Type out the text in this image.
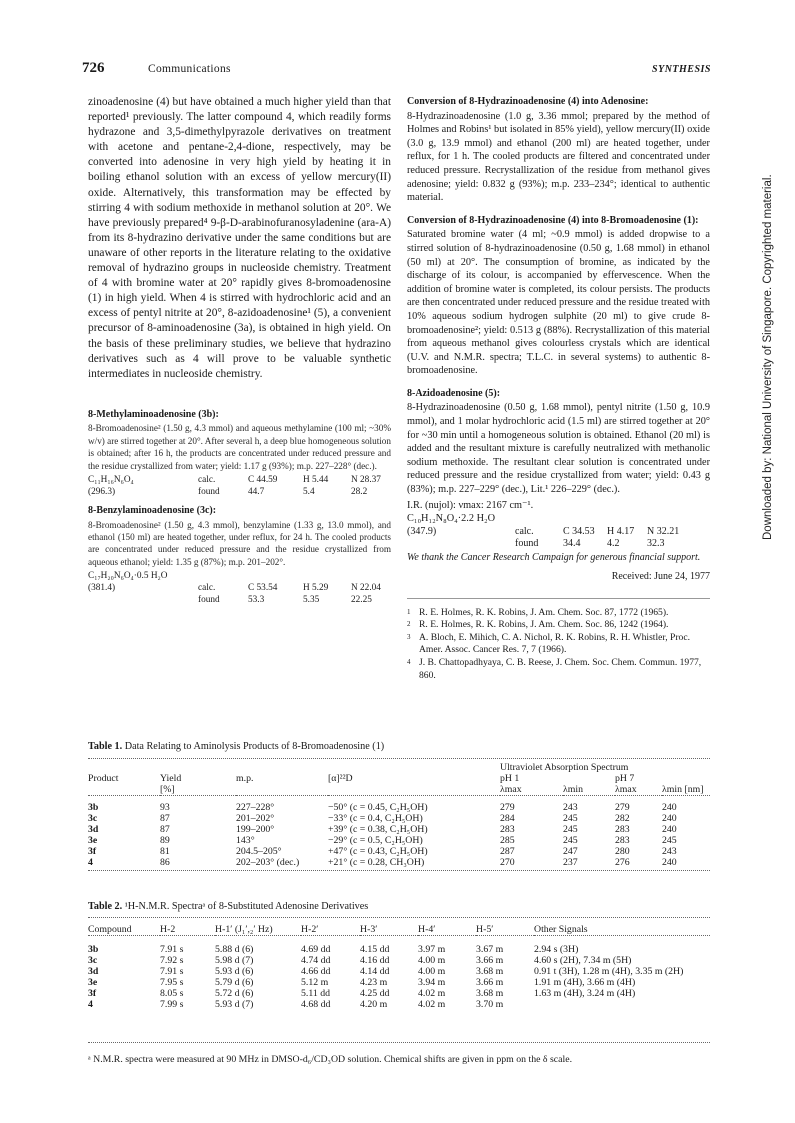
726	Communications	SYNTHESIS

zinoadenosine (4) but have obtained a much higher yield than that reported¹ previously. The latter compound 4, which readily forms hydrazone and 3,5-dimethylpyrazole derivatives on treatment with acetone and pentane-2,4-dione, respectively, may be converted into adenosine in very high yield by heating it in boiling ethanol solution with an excess of yellow mercury(II) oxide. Alternatively, this transformation may be effected by stirring 4 with sodium methoxide in methanol solution at 20°. We have previously prepared⁴ 9-β-D-arabinofuranosyladenine (ara-A) from its 8-hydrazino derivative under the same conditions but are unaware of other reports in the literature relating to the oxidative removal of hydrazino groups in nucleoside chemistry. Treatment of 4 with bromine water at 20° rapidly gives 8-bromoadenosine (1) in high yield. When 4 is stirred with hydrochloric acid and an excess of pentyl nitrite at 20°, 8-azidoadenosine¹ (5), a convenient precursor of 8-aminoadenosine (3a), is obtained in high yield. On the basis of these preliminary studies, we believe that hydrazino derivatives such as 4 will prove to be valuable synthetic intermediates in nucleoside chemistry.

8-Methylaminoadenosine (3b):

8-Bromoadenosine² (1.50 g, 4.3 mmol) and aqueous methylamine (100 ml; ~30% w/v) are stirred together at 20°. After several h, a deep blue homogeneous solution is obtained; after 16 h, the products are concentrated under reduced pressure and the residue crystallized from water; yield: 1.17 g (93%); m.p. 227–228° (dec.).

C₁₁H₁₆N₆O₄	calc.	C 44.59	H 5.44	N 28.37
(296.3)	found	44.7	5.4	28.2
8-Benzylaminoadenosine (3c):

8-Bromoadenosine² (1.50 g, 4.3 mmol), benzylamine (1.33 g, 13.0 mmol), and ethanol (150 ml) are heated together, under reflux, for 24 h. The cooled products are concentrated under reduced pressure and the residue crystallized from aqueous ethanol; yield: 1.35 g (87%); m.p. 201–202°.

C₁₇H₂₀N₆O₄·0.5 H₂O
(381.4)	calc.	C 53.54	H 5.29	N 22.04
found	53.3	5.35	22.25
Conversion of 8-Hydrazinoadenosine (4) into Adenosine:

8-Hydrazinoadenosine (1.0 g, 3.36 mmol; prepared by the method of Holmes and Robins¹ but isolated in 85% yield), yellow mercury(II) oxide (3.0 g, 13.9 mmol) and ethanol (200 ml) are heated together, under reflux, for 1 h. The cooled products are filtered and concentrated under reduced pressure. Recrystallization of the residue from methanol gives adenosine; yield: 0.832 g (93%); m.p. 233–234°; identical to authentic material.

Conversion of 8-Hydrazinoadenosine (4) into 8-Bromoadenosine (1):

Saturated bromine water (4 ml; ~0.9 mmol) is added dropwise to a stirred solution of 8-hydrazinoadenosine (0.50 g, 1.68 mmol) in ethanol (50 ml) at 20°. The consumption of bromine, as indicated by the discharge of its colour, is accompanied by effervescence. When the addition of bromine water is completed, its colour persists. The products are then concentrated under reduced pressure and the residue treated with 10% aqueous sodium hydrogen sulphite (20 ml) to give crude 8-bromoadenosine²; yield: 0.513 g (88%). Recrystallization of this material from aqueous methanol gives colourless crystals which are identical (U.V. and N.M.R. spectra; T.L.C. in several systems) to authentic 8-bromoadenosine.

8-Azidoadenosine (5):

8-Hydrazinoadenosine (0.50 g, 1.68 mmol), pentyl nitrite (1.50 g, 10.9 mmol), and 1 molar hydrochloric acid (1.5 ml) are stirred together at 20° for ~30 min until a homogeneous solution is obtained. Ethanol (20 ml) is added and the resultant mixture is carefully neutralized with methanolic sodium methoxide. The resultant clear solution is concentrated under reduced pressure and the residue crystallized from water; yield: 0.43 g (83%); m.p. 227–229° (dec.), Lit.¹ 226–229° (dec.).

I.R. (nujol): νmax: 2167 cm⁻¹.

C₁₀H₁₂N₈O₄·2.2 H₂O
(347.9)	calc.	C 34.53	H 4.17	N 32.21
found	34.4	4.2	32.3

We thank the Cancer Research Campaign for generous financial support.

Received: June 24, 1977
1 R. E. Holmes, R. K. Robins, J. Am. Chem. Soc. 87, 1772 (1965).
2 R. E. Holmes, R. K. Robins, J. Am. Chem. Soc. 86, 1242 (1964).
3 A. Bloch, E. Mihich, C. A. Nichol, R. K. Robins, R. H. Whistler, Proc. Amer. Assoc. Cancer Res. 7, 7 (1966).
4 J. B. Chattopadhyaya, C. B. Reese, J. Chem. Soc. Chem. Commun. 1977, 860.
Table 1. Data Relating to Aminolysis Products of 8-Bromoadenosine (1)
				Ultraviolet Absorption Spectrum			
Product	Yield	m.p.	[α]²²D	pH 1		pH 7	
	[%]			λmax	λmin	λmax	λmin [nm]

3b	93	227–228°	−50° (c = 0.45, C₂H₅OH)	279	243	279	240
3c	87	201–202°	−33° (c = 0.4, C₂H₅OH)	284	245	282	240
3d	87	199–200°	+39° (c = 0.38, C₂H₅OH)	283	245	283	240
3e	89	143°	−29° (c = 0.5, C₂H₅OH)	285	245	283	245
3f	81	204.5–205°	+47° (c = 0.43, C₂H₅OH)	287	247	280	243
4	86	202–203° (dec.)	+21° (c = 0.28, CH₃OH)	270	237	276	240
Table 2. ¹H-N.M.R. Spectraᵃ of 8-Substituted Adenosine Derivatives
Compound	H-2	H-1′ (J₁′,₂′ Hz)	H-2′	H-3′	H-4′	H-5′	Other Signals

3b	7.91 s	5.88 d (6)	4.69 dd	4.15 dd	3.97 m	3.67 m	2.94 s (3H)
3c	7.92 s	5.98 d (7)	4.74 dd	4.16 dd	4.00 m	3.66 m	4.60 s (2H), 7.34 m (5H)
3d	7.91 s	5.93 d (6)	4.66 dd	4.14 dd	4.00 m	3.68 m	0.91 t (3H), 1.28 m (4H), 3.35 m (2H)
3e	7.95 s	5.79 d (6)	5.12 m	4.23 m	3.94 m	3.66 m	1.91 m (4H), 3.66 m (4H)
3f	8.05 s	5.72 d (6)	5.11 dd	4.25 dd	4.02 m	3.68 m	1.63 m (4H), 3.24 m (4H)
4	7.99 s	5.93 d (7)	4.68 dd	4.20 m	4.02 m	3.70 m	
ᵃ N.M.R. spectra were measured at 90 MHz in DMSO-d₆/CD₃OD solution. Chemical shifts are given in ppm on the δ scale.
Downloaded by: National University of Singapore. Copyrighted material.
